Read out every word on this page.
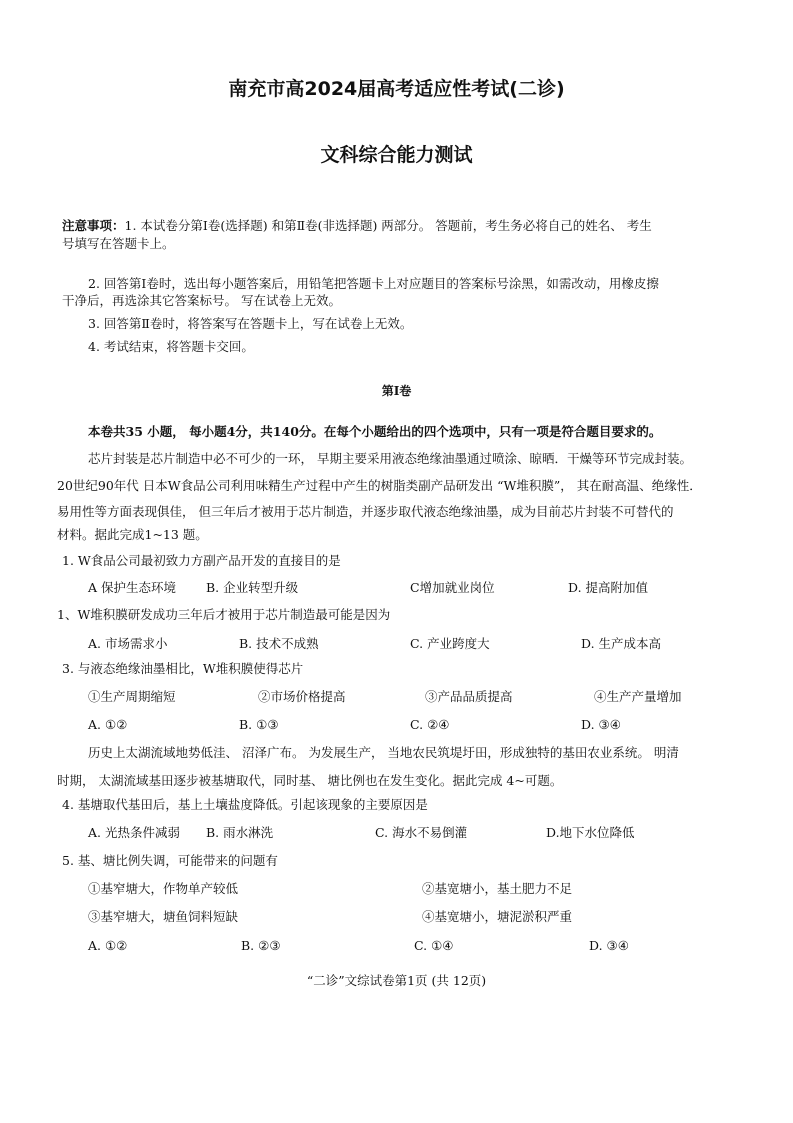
南充市高2024届高考适应性考试(二诊)
文科综合能力测试
注意事项：1. 本试卷分第I卷(选择题) 和第Ⅱ卷(非选择题) 两部分。 答题前，考生务必将自己的姓名、 考生
号填写在答题卡上。
2. 回答第I卷时，选出每小题答案后，用铅笔把答题卡上对应题目的答案标号涂黑，如需改动，用橡皮擦
干净后，再选涂其它答案标号。 写在试卷上无效。
3. 回答第Ⅱ卷时，将答案写在答题卡上，写在试卷上无效。
4. 考试结束，将答题卡交回。
第I卷
本卷共35 小题， 每小题4分，共140分。在每个小题给出的四个选项中，只有一项是符合题目要求的。
芯片封装是芯片制造中必不可少的一环， 早期主要采用液态绝缘油墨通过喷涂、晾晒．干燥等环节完成封装。
20世纪90年代 日本W食品公司利用味精生产过程中产生的树脂类副产品研发出 “W堆积膜”， 其在耐高温、绝缘性．
易用性等方面表现俱佳， 但三年后才被用于芯片制造，并逐步取代液态绝缘油墨，成为目前芯片封装不可替代的
材料。据此完成1~13 题。
1. W食品公司最初致力方副产品开发的直接目的是
A 保护生态环境 B. 企业转型升级	C增加就业岗位	D. 提高附加值
1、W堆积膜研发成功三年后才被用于芯片制造最可能是因为
A. 市场需求小	B. 技术不成熟	C. 产业跨度大	D. 生产成本高
3. 与液态绝缘油墨相比，W堆积膜使得芯片
①生产周期缩短	②市场价格提高	③产品品质提高	④生产产量增加
A. ①②	B. ①③	C. ②④	D. ③④
历史上太湖流域地势低洼、 沼泽广布。 为发展生产， 当地农民筑堤圩田，形成独特的基田农业系统。 明清
时期， 太湖流域基田逐步被基塘取代，同时基、 塘比例也在发生变化。据此完成 4~可题。
4. 基塘取代基田后，基上土壤盐度降低。引起该现象的主要原因是
A. 光热条件减弱 B. 雨水淋洗	C. 海水不易倒灌	D.地下水位降低
5. 基、塘比例失调，可能带来的问题有
①基窄塘大，作物单产较低	②基宽塘小，基土肥力不足
③基窄塘大，塘鱼饲料短缺	④基宽塘小，塘泥淤积严重
A. ①②	B. ②③	C. ①④	D. ③④
“二诊”文综试卷第1页 (共 12页)
